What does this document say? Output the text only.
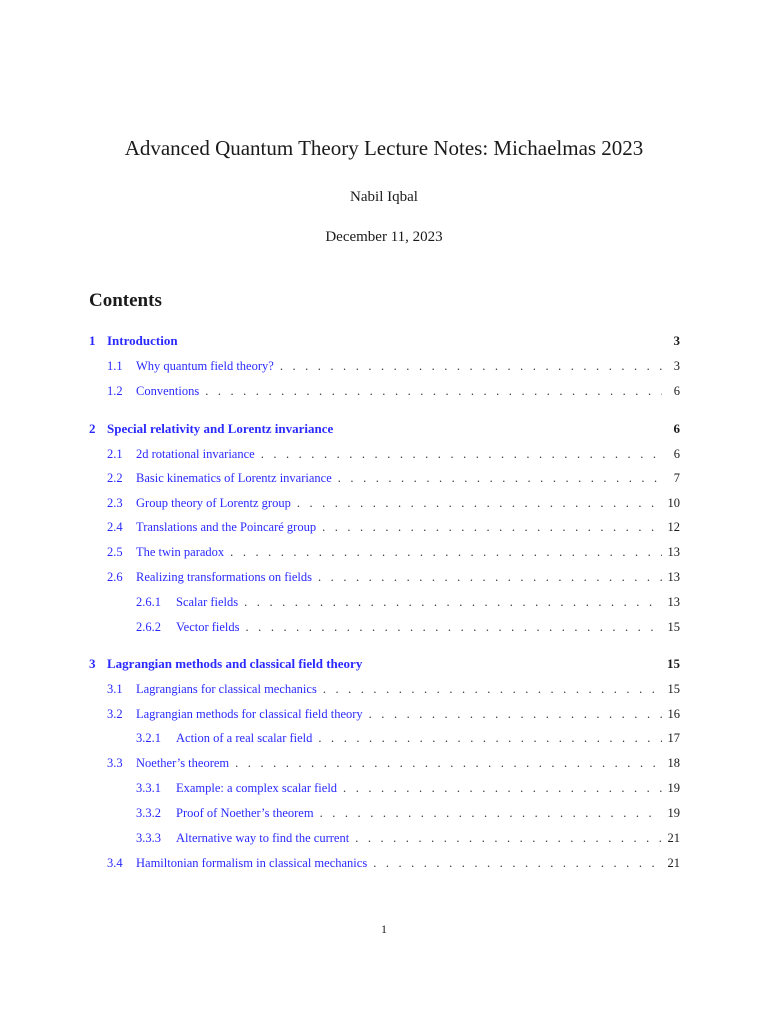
Advanced Quantum Theory Lecture Notes: Michaelmas 2023
Nabil Iqbal
December 11, 2023
Contents
1 Introduction	3
1.1	Why quantum field theory? . . .	3
1.2	Conventions . . .	6
2 Special relativity and Lorentz invariance	6
2.1	2d rotational invariance . . .	6
2.2	Basic kinematics of Lorentz invariance . . .	7
2.3	Group theory of Lorentz group . . .	10
2.4	Translations and the Poincaré group . . .	12
2.5	The twin paradox . . .	13
2.6	Realizing transformations on fields . . .	13
2.6.1	Scalar fields . . .	13
2.6.2	Vector fields . . .	15
3 Lagrangian methods and classical field theory	15
3.1	Lagrangians for classical mechanics . . .	15
3.2	Lagrangian methods for classical field theory . . .	16
3.2.1	Action of a real scalar field . . .	17
3.3	Noether’s theorem . . .	18
3.3.1	Example: a complex scalar field . . .	19
3.3.2	Proof of Noether’s theorem . . .	19
3.3.3	Alternative way to find the current . . .	21
3.4	Hamiltonian formalism in classical mechanics . . .	21
1
